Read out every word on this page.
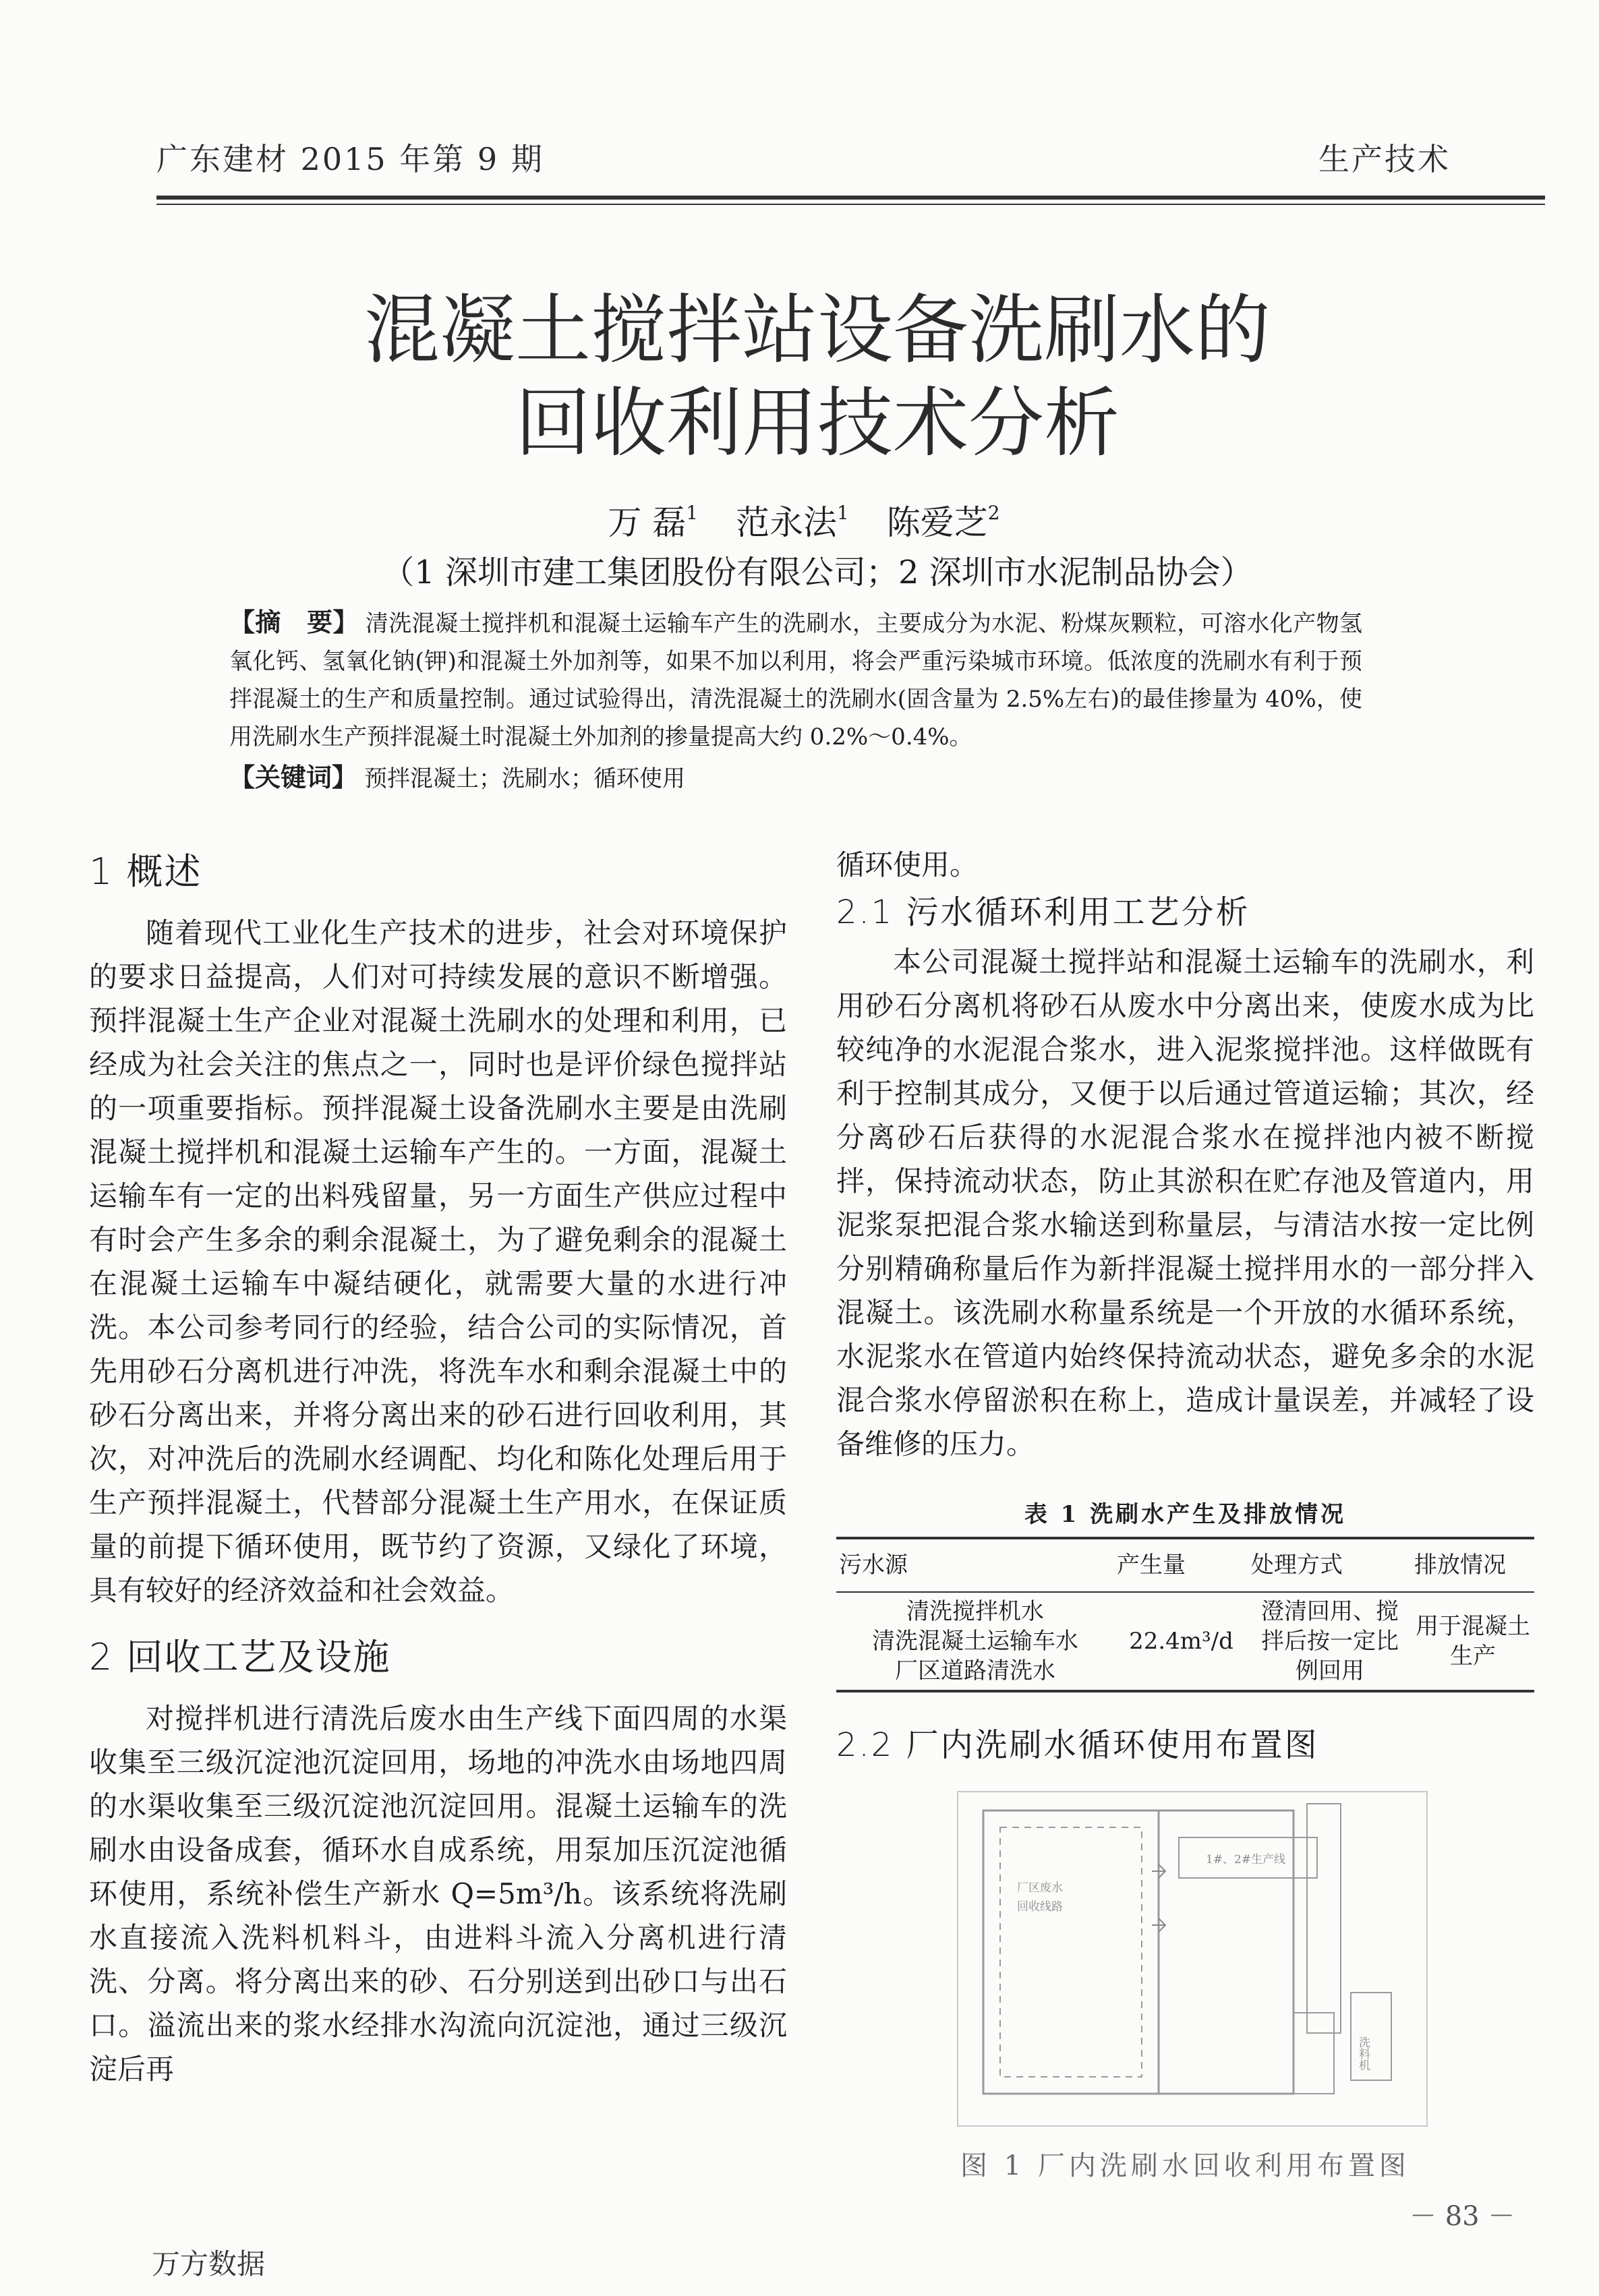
广东建材 2015 年第 9 期	生产技术
混凝土搅拌站设备洗刷水的
回收利用技术分析
万 磊$^1$ 范永法$^1$ 陈爱芝$^2$
（1 深圳市建工集团股份有限公司；2 深圳市水泥制品协会）
【摘　要】 清洗混凝土搅拌机和混凝土运输车产生的洗刷水，主要成分为水泥、粉煤灰颗粒，可溶水化产物氢氧化钙、氢氧化钠(钾)和混凝土外加剂等，如果不加以利用，将会严重污染城市环境。低浓度的洗刷水有利于预拌混凝土的生产和质量控制。通过试验得出，清洗混凝土的洗刷水(固含量为 2.5%左右)的最佳掺量为 40%，使用洗刷水生产预拌混凝土时混凝土外加剂的掺量提高大约 0.2%～0.4%。
【关键词】 预拌混凝土；洗刷水；循环使用
1 概述
随着现代工业化生产技术的进步，社会对环境保护的要求日益提高，人们对可持续发展的意识不断增强。预拌混凝土生产企业对混凝土洗刷水的处理和利用，已经成为社会关注的焦点之一，同时也是评价绿色搅拌站的一项重要指标。预拌混凝土设备洗刷水主要是由洗刷混凝土搅拌机和混凝土运输车产生的。一方面，混凝土运输车有一定的出料残留量，另一方面生产供应过程中有时会产生多余的剩余混凝土，为了避免剩余的混凝土在混凝土运输车中凝结硬化，就需要大量的水进行冲洗。本公司参考同行的经验，结合公司的实际情况，首先用砂石分离机进行冲洗，将洗车水和剩余混凝土中的砂石分离出来，并将分离出来的砂石进行回收利用，其次，对冲洗后的洗刷水经调配、均化和陈化处理后用于生产预拌混凝土，代替部分混凝土生产用水，在保证质量的前提下循环使用，既节约了资源，又绿化了环境，具有较好的经济效益和社会效益。
2 回收工艺及设施
对搅拌机进行清洗后废水由生产线下面四周的水渠收集至三级沉淀池沉淀回用，场地的冲洗水由场地四周的水渠收集至三级沉淀池沉淀回用。混凝土运输车的洗刷水由设备成套，循环水自成系统，用泵加压沉淀池循环使用，系统补偿生产新水 Q=5m³/h。该系统将洗刷水直接流入洗料机料斗，由进料斗流入分离机进行清洗、分离。将分离出来的砂、石分别送到出砂口与出石口。溢流出来的浆水经排水沟流向沉淀池，通过三级沉淀后再
循环使用。
2.1 污水循环利用工艺分析
本公司混凝土搅拌站和混凝土运输车的洗刷水，利用砂石分离机将砂石从废水中分离出来，使废水成为比较纯净的水泥混合浆水，进入泥浆搅拌池。这样做既有利于控制其成分，又便于以后通过管道运输；其次，经分离砂石后获得的水泥混合浆水在搅拌池内被不断搅拌，保持流动状态，防止其淤积在贮存池及管道内，用泥浆泵把混合浆水输送到称量层，与清洁水按一定比例分别精确称量后作为新拌混凝土搅拌用水的一部分拌入混凝土。该洗刷水称量系统是一个开放的水循环系统，水泥浆水在管道内始终保持流动状态，避免多余的水泥混合浆水停留淤积在称上，造成计量误差，并减轻了设备维修的压力。
表 1 洗刷水产生及排放情况
污水源	产生量	处理方式	排放情况

清洗搅拌机水
清洗混凝土运输车水
厂区道路清洗水	22.4m³/d	澄清回用、搅拌后按一定比例回用	用于混凝土生产
2.2 厂内洗刷水循环使用布置图
厂区废水
回收线路
1#、2#生产线
洗料机
图 1 厂内洗刷水回收利用布置图
－ 83 －
万方数据
